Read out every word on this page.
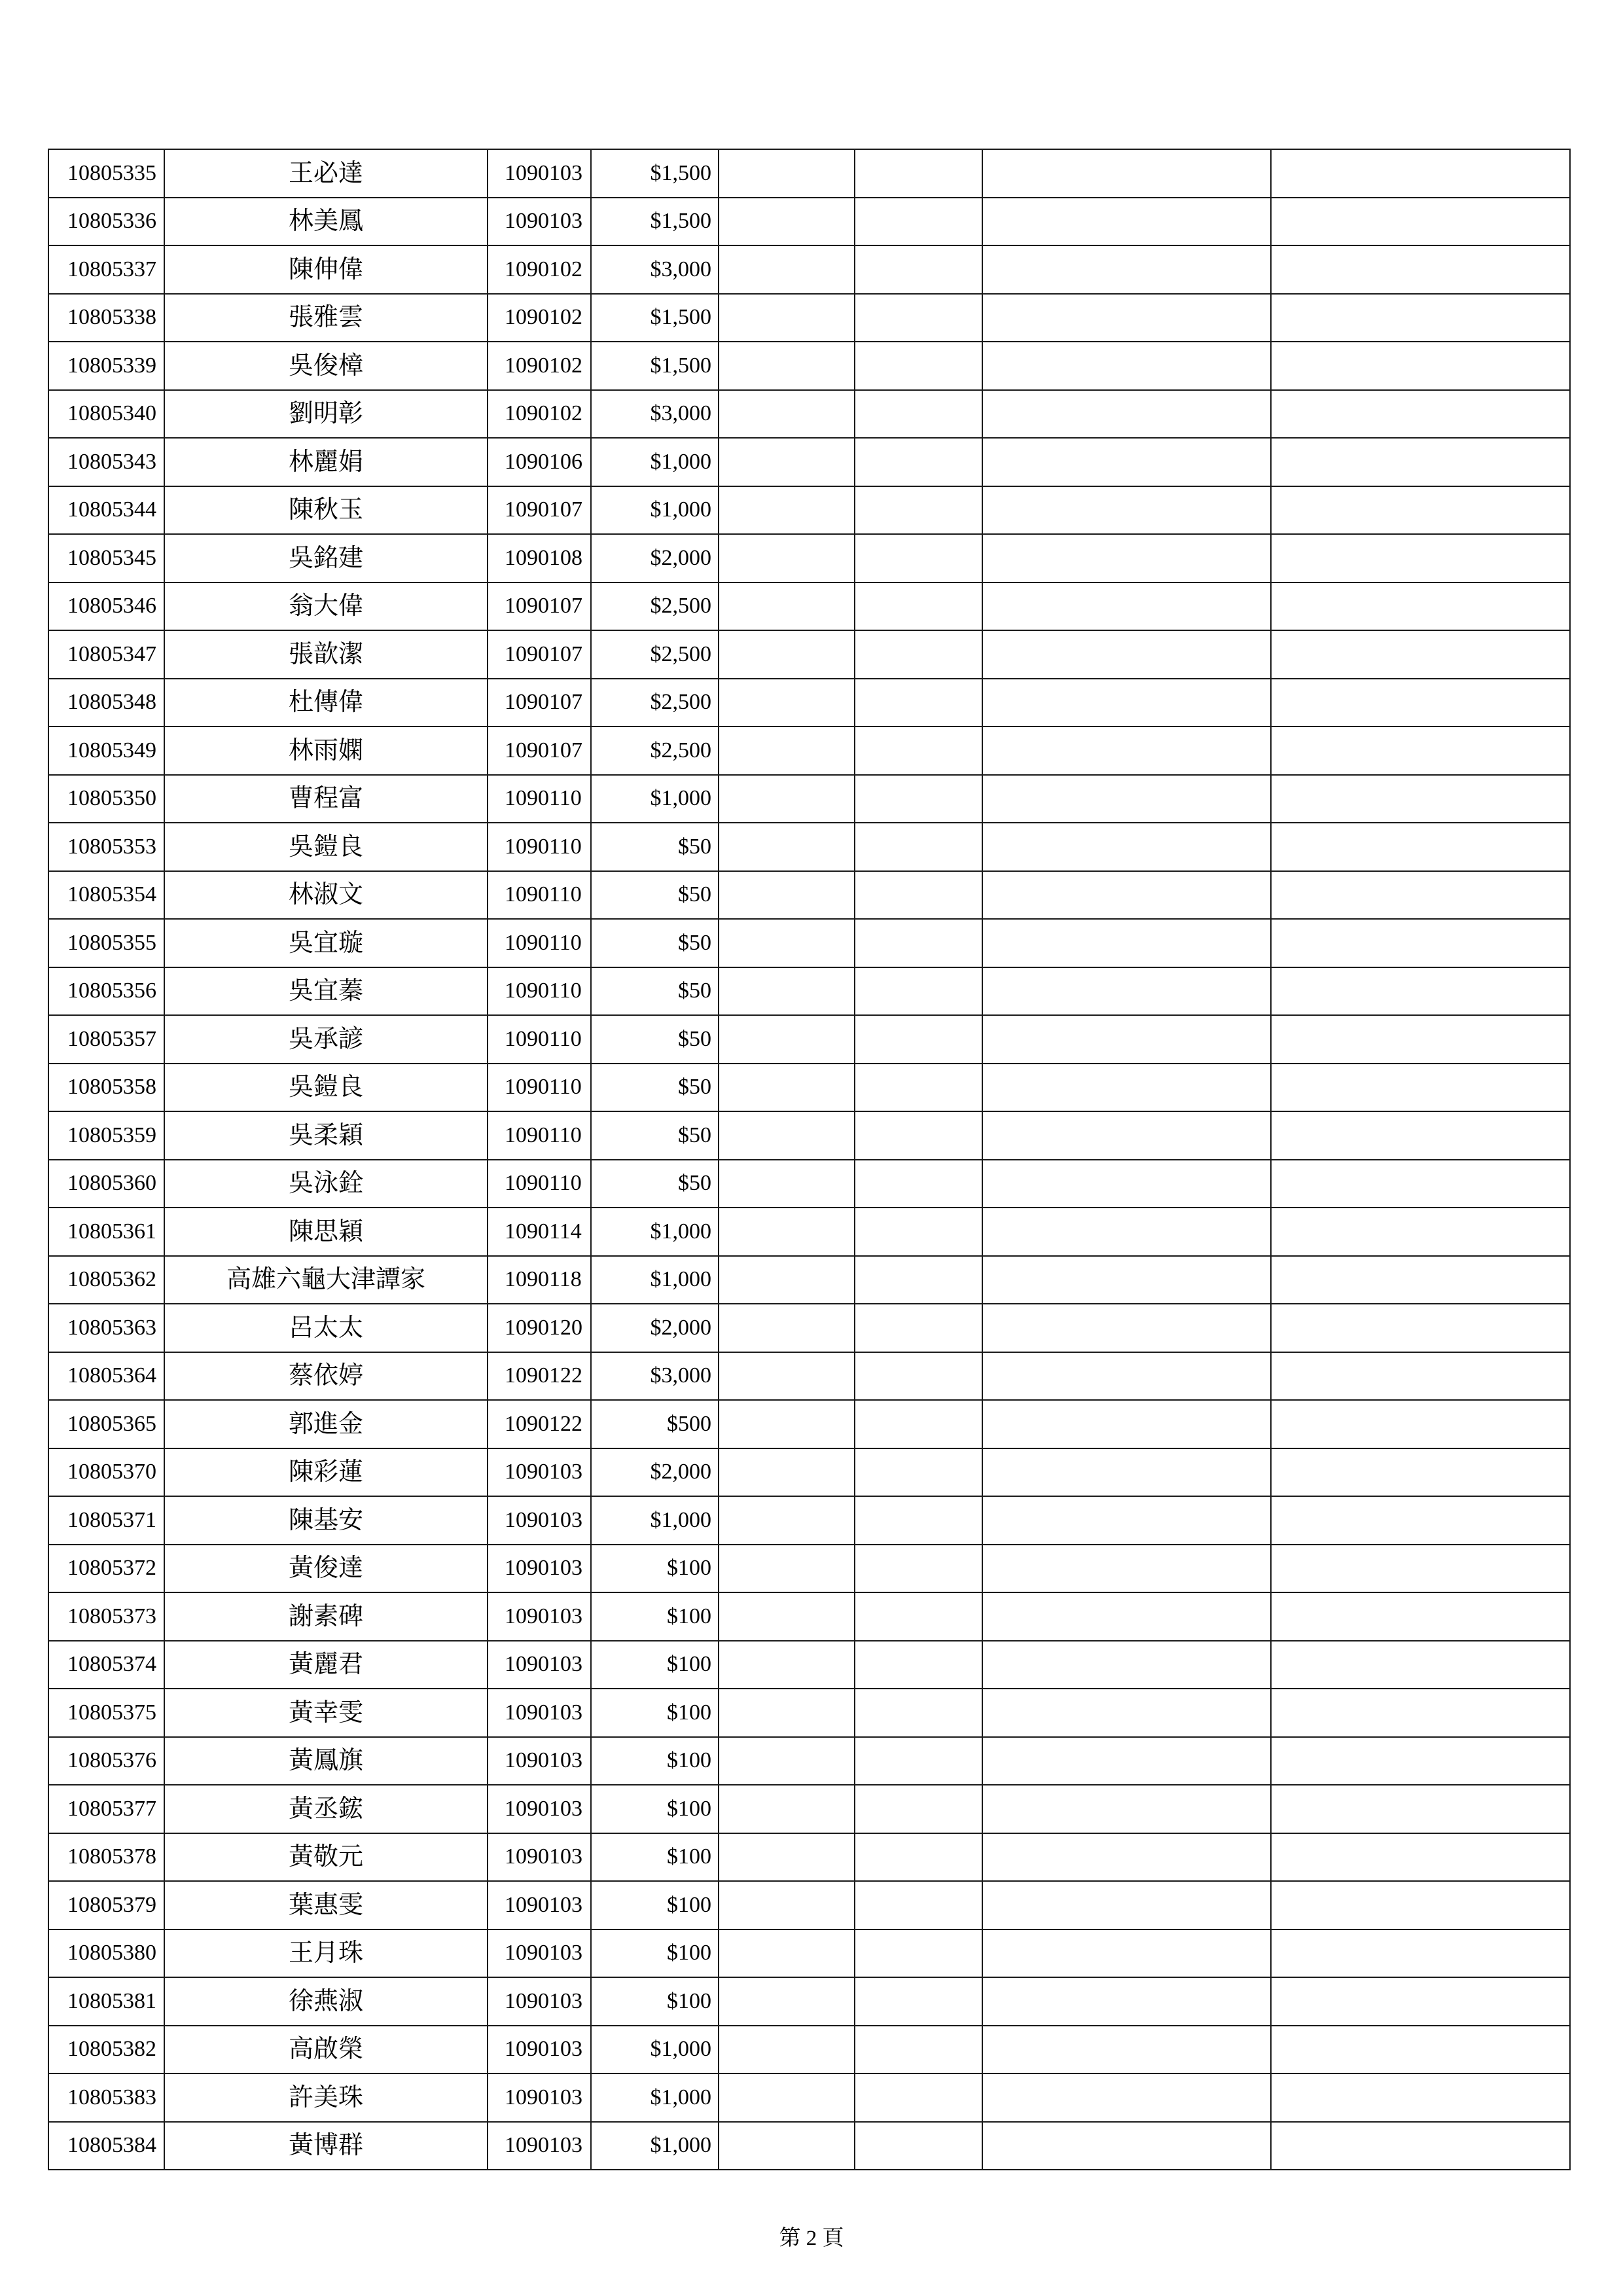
10805335	王必達	1090103	$1,500				
10805336	林美鳳	1090103	$1,500				
10805337	陳伸偉	1090102	$3,000				
10805338	張雅雲	1090102	$1,500				
10805339	吳俊樟	1090102	$1,500				
10805340	劉明彰	1090102	$3,000				
10805343	林麗娟	1090106	$1,000				
10805344	陳秋玉	1090107	$1,000				
10805345	吳銘建	1090108	$2,000				
10805346	翁大偉	1090107	$2,500				
10805347	張歆潔	1090107	$2,500				
10805348	杜傳偉	1090107	$2,500				
10805349	林雨嫻	1090107	$2,500				
10805350	曹程富	1090110	$1,000				
10805353	吳鎧良	1090110	$50				
10805354	林淑文	1090110	$50				
10805355	吳宜璇	1090110	$50				
10805356	吳宜蓁	1090110	$50				
10805357	吳承諺	1090110	$50				
10805358	吳鎧良	1090110	$50				
10805359	吳柔穎	1090110	$50				
10805360	吳泳銓	1090110	$50				
10805361	陳思穎	1090114	$1,000				
10805362	高雄六龜大津譚家	1090118	$1,000				
10805363	呂太太	1090120	$2,000				
10805364	蔡依婷	1090122	$3,000				
10805365	郭進金	1090122	$500				
10805370	陳彩蓮	1090103	$2,000				
10805371	陳基安	1090103	$1,000				
10805372	黃俊達	1090103	$100				
10805373	謝素碑	1090103	$100				
10805374	黃麗君	1090103	$100				
10805375	黃幸雯	1090103	$100				
10805376	黃鳳旗	1090103	$100				
10805377	黃丞鋐	1090103	$100				
10805378	黃敬元	1090103	$100				
10805379	葉惠雯	1090103	$100				
10805380	王月珠	1090103	$100				
10805381	徐燕淑	1090103	$100				
10805382	高啟榮	1090103	$1,000				
10805383	許美珠	1090103	$1,000				
10805384	黃博群	1090103	$1,000				
第 2 頁
